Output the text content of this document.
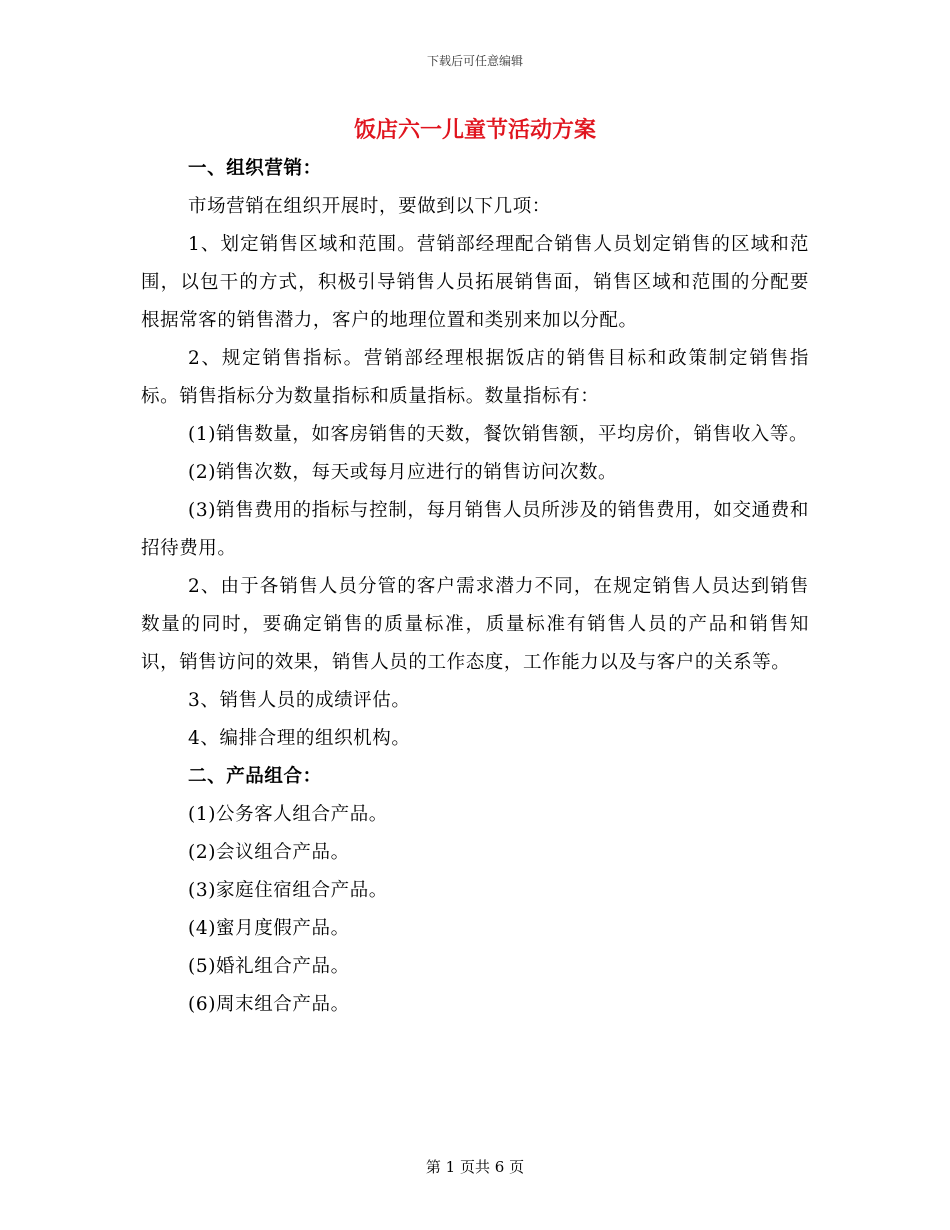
下载后可任意编辑
饭店六一儿童节活动方案

一、组织营销：

市场营销在组织开展时，要做到以下几项：

1、划定销售区域和范围。营销部经理配合销售人员划定销售的区域和范围，以包干的方式，积极引导销售人员拓展销售面，销售区域和范围的分配要根据常客的销售潜力，客户的地理位置和类别来加以分配。

2、规定销售指标。营销部经理根据饭店的销售目标和政策制定销售指标。销售指标分为数量指标和质量指标。数量指标有：

(1)销售数量，如客房销售的天数，餐饮销售额，平均房价，销售收入等。

(2)销售次数，每天或每月应进行的销售访问次数。

(3)销售费用的指标与控制，每月销售人员所涉及的销售费用，如交通费和招待费用。

2、由于各销售人员分管的客户需求潜力不同，在规定销售人员达到销售数量的同时，要确定销售的质量标准，质量标准有销售人员的产品和销售知识，销售访问的效果，销售人员的工作态度，工作能力以及与客户的关系等。

3、销售人员的成绩评估。

4、编排合理的组织机构。

二、产品组合：

(1)公务客人组合产品。

(2)会议组合产品。

(3)家庭住宿组合产品。

(4)蜜月度假产品。

(5)婚礼组合产品。

(6)周末组合产品。

第 1 页共 6 页
